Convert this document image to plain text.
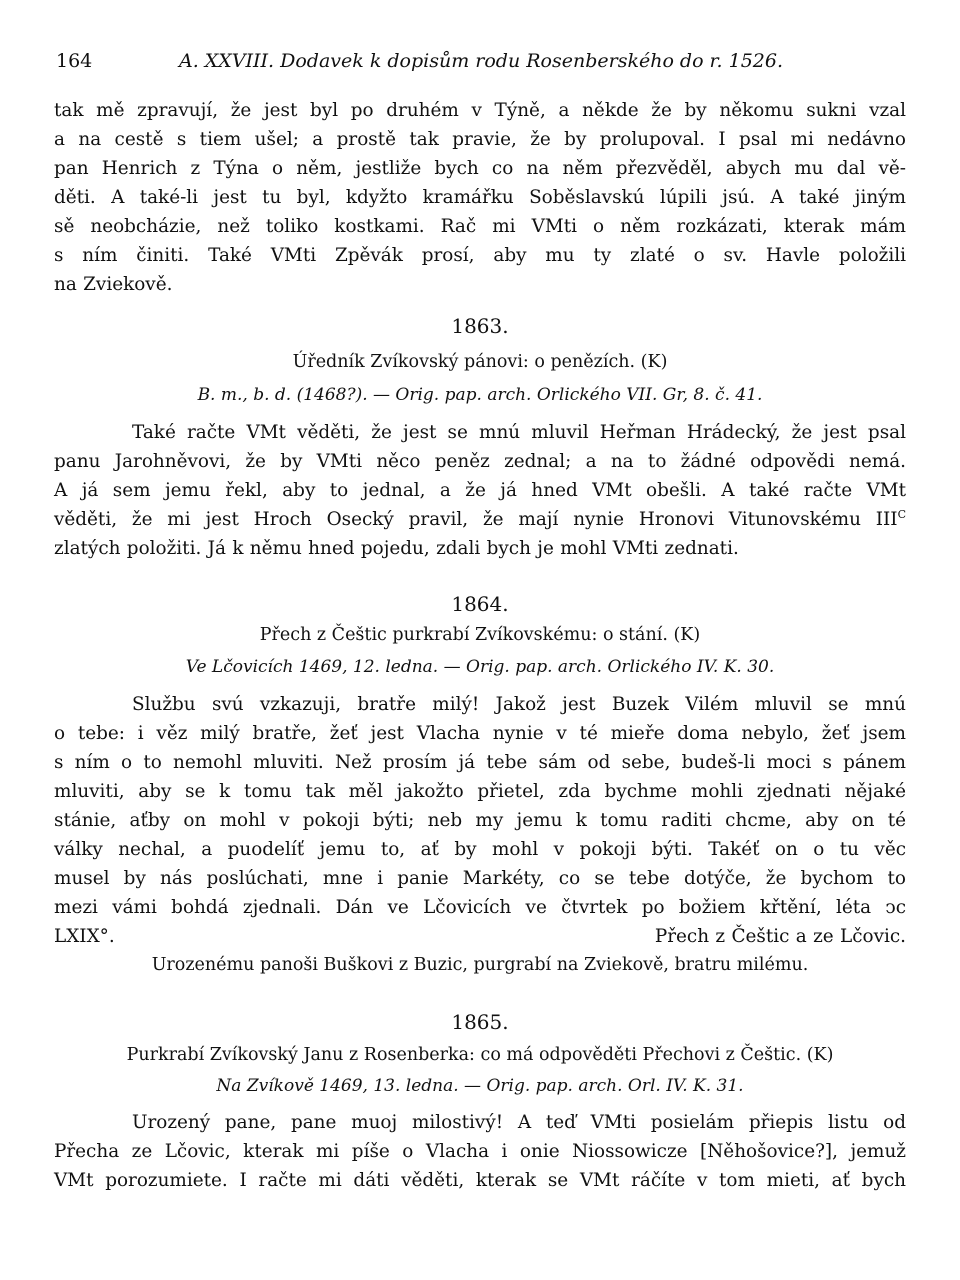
164	A. XXVIII. Dodavek k dopisům rodu Rosenberského do r. 1526.
tak mě zpravují, že jest byl po druhém v Týně, a někde že by někomu sukni vzal
a na cestě s tiem ušel; a prostě tak pravie, že by prolupoval. I psal mi nedávno
pan Henrich z Týna o něm, jestliže bych co na něm přezvěděl, abych mu dal vě-
děti. A také-li jest tu byl, kdyžto kramářku Soběslavskú lúpili jsú. A také jiným
sě neobcházie, než toliko kostkami. Rač mi VMti o něm rozkázati, kterak mám
s ním činiti. Také VMti Zpěvák prosí, aby mu ty zlaté o sv. Havle položili
na Zviekově.
1863.
Úředník Zvíkovský pánovi: o penězích. (K)
B. m., b. d. (1468?). — Orig. pap. arch. Orlického VII. Gr, 8. č. 41.
Také račte VMt věděti, že jest se mnú mluvil Heřman Hrádecký, že jest psal
panu Jarohněvovi, že by VMti něco peněz zednal; a na to žádné odpovědi nemá.
A já sem jemu řekl, aby to jednal, a že já hned VMt obešli. A také račte VMt
věděti, že mi jest Hroch Osecký pravil, že mají nynie Hronovi Vitunovskému $III^C$
zlatých položiti. Já k němu hned pojedu, zdali bych je mohl VMti zednati.
1864.
Přech z Češtic purkrabí Zvíkovskému: o stání. (K)
Ve Lčovicích 1469, 12. ledna. — Orig. pap. arch. Orlického IV. K. 30.
Službu svú vzkazuji, bratře milý! Jakož jest Buzek Vilém mluvil se mnú
o tebe: i věz milý bratře, žeť jest Vlacha nynie v té mieře doma nebylo, žeť jsem
s ním o to nemohl mluviti. Než prosím já tebe sám od sebe, budeš-li moci s pánem
mluviti, aby se k tomu tak měl jakožto přietel, zda bychme mohli zjednati nějaké
stánie, aťby on mohl v pokoji býti; neb my jemu k tomu raditi chcme, aby on té
války nechal, a puodelíť jemu to, ať by mohl v pokoji býti. Takéť on o tu věc
musel by nás poslúchati, mne i panie Markéty, co se tebe dotýče, že bychom to
mezi vámi bohdá zjednali. Dán ve Lčovicích ve čtvrtek po božiem křtění, léta ↄc
LXIX°.	Přech z Češtic a ze Lčovic.
Urozenému panoši Buškovi z Buzic, purgrabí na Zviekově, bratru milému.
1865.
Purkrabí Zvíkovský Janu z Rosenberka: co má odpověděti Přechovi z Češtic. (K)
Na Zvíkově 1469, 13. ledna. — Orig. pap. arch. Orl. IV. K. 31.
Urozený pane, pane muoj milostivý! A teď VMti posielám přiepis listu od
Přecha ze Lčovic, kterak mi píše o Vlacha i onie Niossowicze [Něhošovice?], jemuž
VMt porozumiete. I račte mi dáti věděti, kterak se VMt ráčíte v tom mieti, ať bych
